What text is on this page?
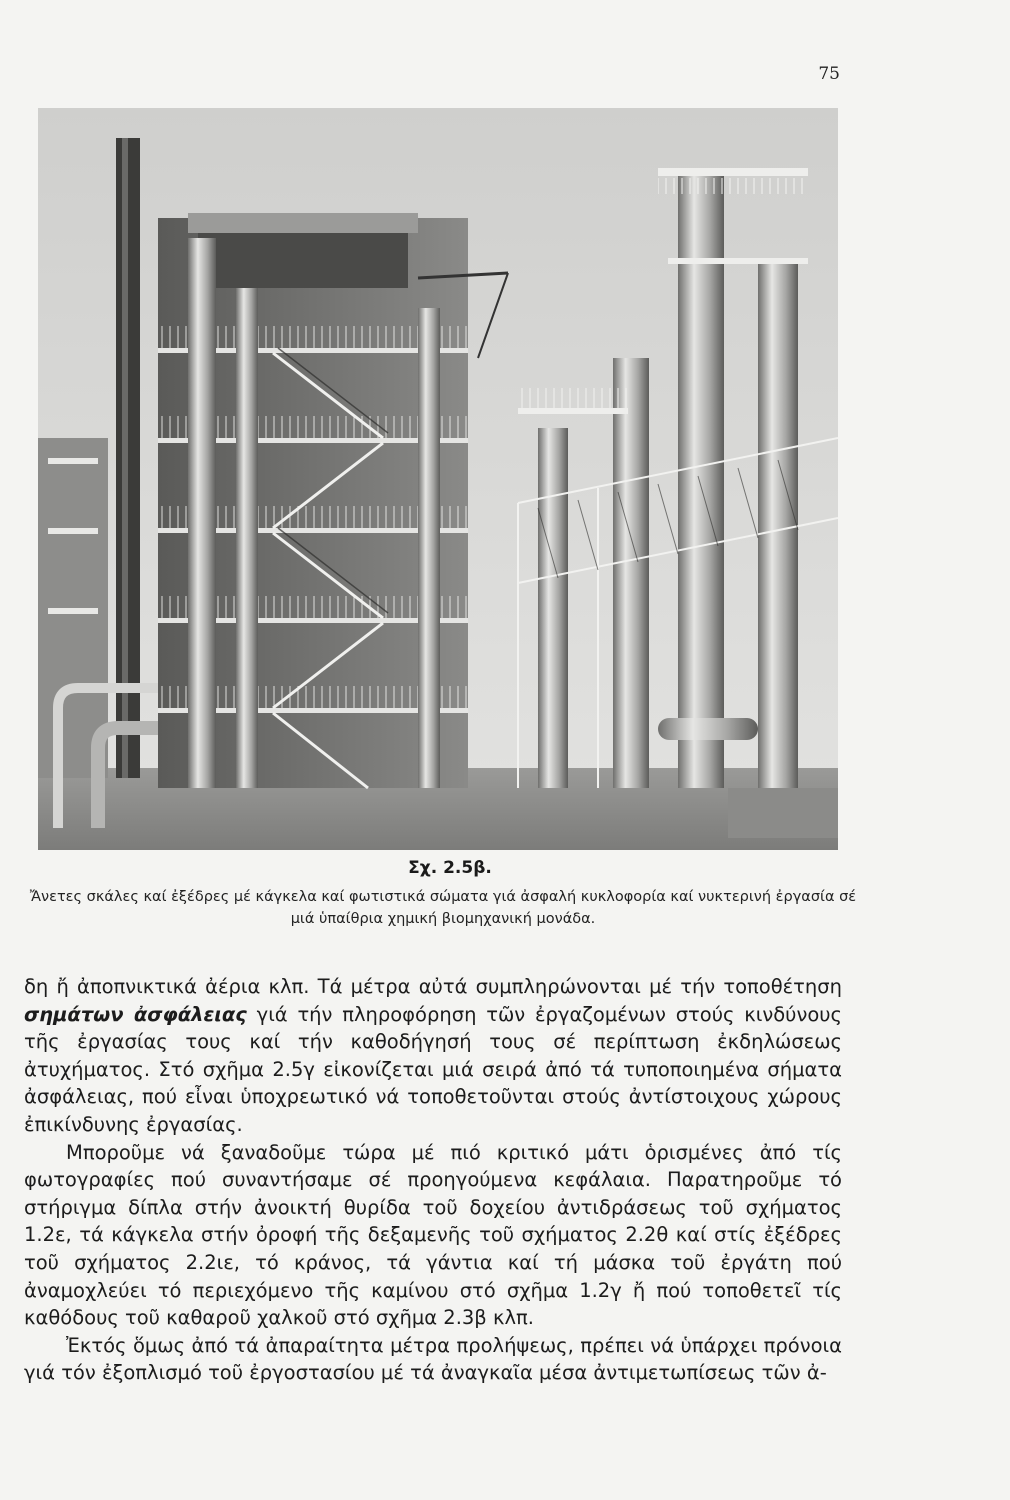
75
Σχ. 2.5β.
Ἄνετες σκάλες καί ἐξέδρες μέ κάγκελα καί φωτιστικά σώματα γιά ἀσφαλή κυκλοφορία καί νυκτερινή ἐργασία σέ μιά ὑπαίθρια χημική βιομηχανική μονάδα.

δη ἤ ἀποπνικτικά ἀέρια κλπ. Τά μέτρα αὐτά συμπληρώνονται μέ τήν τοποθέτηση σημάτων ἀσφάλειας γιά τήν πληροφόρηση τῶν ἐργαζομένων στούς κινδύνους τῆς ἐργασίας τους καί τήν καθοδήγησή τους σέ περίπτωση ἐκδηλώσεως ἀτυχήματος. Στό σχῆμα 2.5γ εἰκονίζεται μιά σειρά ἀπό τά τυποποιημένα σήματα ἀσφάλειας, πού εἶναι ὑποχρεωτικό νά τοποθετοῦνται στούς ἀντίστοιχους χώρους ἐπικίνδυνης ἐργασίας.

Μποροῦμε νά ξαναδοῦμε τώρα μέ πιό κριτικό μάτι ὁρισμένες ἀπό τίς φωτογραφίες πού συναντήσαμε σέ προηγούμενα κεφάλαια. Παρατηροῦμε τό στήριγμα δίπλα στήν ἀνοικτή θυρίδα τοῦ δοχείου ἀντιδράσεως τοῦ σχήματος 1.2ε, τά κάγκελα στήν ὀροφή τῆς δεξαμενῆς τοῦ σχήματος 2.2θ καί στίς ἐξέδρες τοῦ σχήματος 2.2ιε, τό κράνος, τά γάντια καί τή μάσκα τοῦ ἐργάτη πού ἀναμοχλεύει τό περιεχόμενο τῆς καμίνου στό σχῆμα 1.2γ ἤ πού τοποθετεῖ τίς καθόδους τοῦ καθαροῦ χαλκοῦ στό σχῆμα 2.3β κλπ.

Ἐκτός ὅμως ἀπό τά ἀπαραίτητα μέτρα προλήψεως, πρέπει νά ὑπάρχει πρόνοια γιά τόν ἐξοπλισμό τοῦ ἐργοστασίου μέ τά ἀναγκαῖα μέσα ἀντιμετωπίσεως τῶν ἀ-
